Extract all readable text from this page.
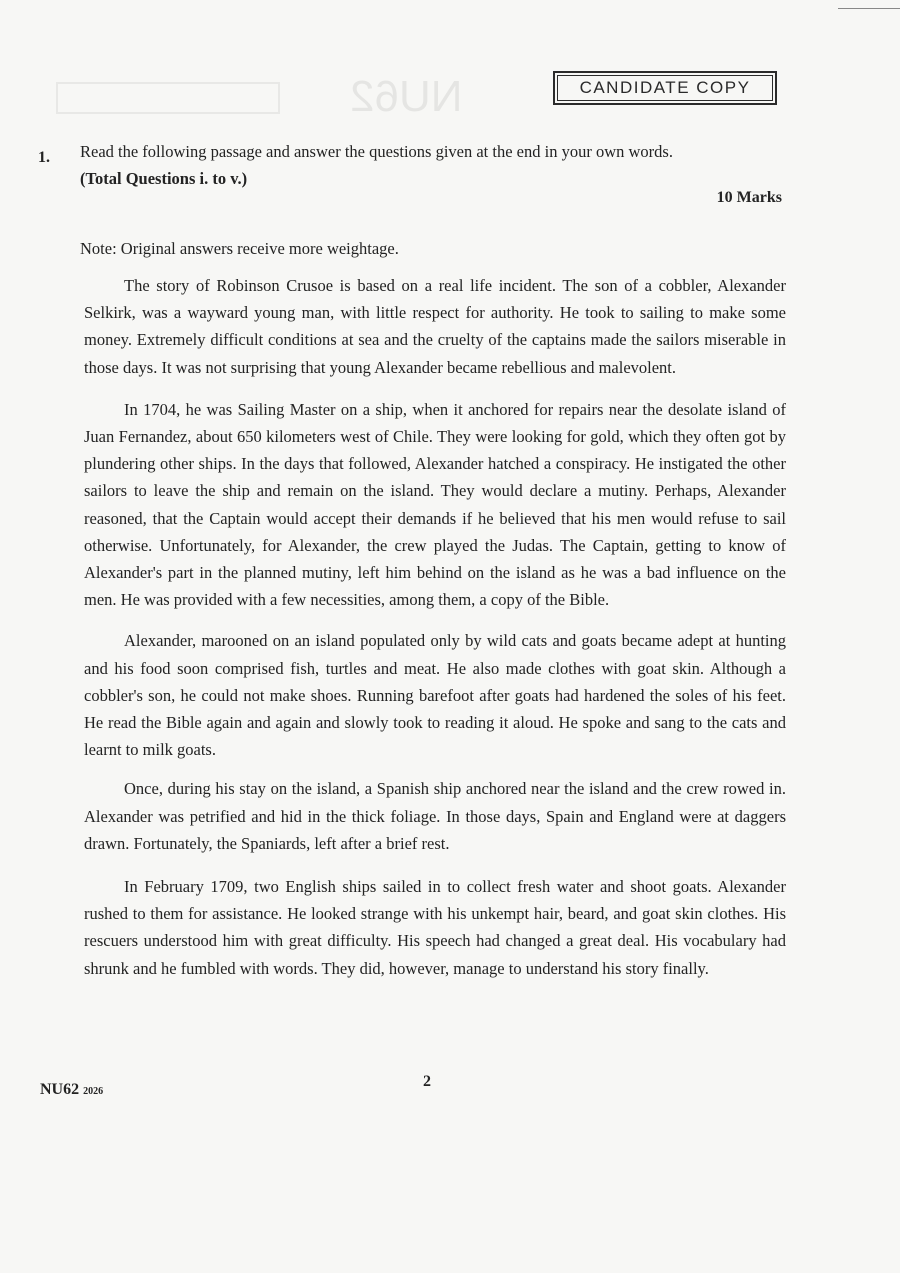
NU62	CANDIDATE COPY
1. Read the following passage and answer the questions given at the end in your own words.
(Total Questions i. to v.)
10 Marks
Note: Original answers receive more weightage.

The story of Robinson Crusoe is based on a real life incident. The son of a cobbler, Alexander Selkirk, was a wayward young man, with little respect for authority. He took to sailing to make some money. Extremely difficult conditions at sea and the cruelty of the captains made the sailors miserable in those days. It was not surprising that young Alexander became rebellious and malevolent.

In 1704, he was Sailing Master on a ship, when it anchored for repairs near the desolate island of Juan Fernandez, about 650 kilometers west of Chile. They were looking for gold, which they often got by plundering other ships. In the days that followed, Alexander hatched a conspiracy. He instigated the other sailors to leave the ship and remain on the island. They would declare a mutiny. Perhaps, Alexander reasoned, that the Captain would accept their demands if he believed that his men would refuse to sail otherwise. Unfortunately, for Alexander, the crew played the Judas. The Captain, getting to know of Alexander's part in the planned mutiny, left him behind on the island as he was a bad influence on the men. He was provided with a few necessities, among them, a copy of the Bible.

Alexander, marooned on an island populated only by wild cats and goats became adept at hunting and his food soon comprised fish, turtles and meat. He also made clothes with goat skin. Although a cobbler's son, he could not make shoes. Running barefoot after goats had hardened the soles of his feet. He read the Bible again and again and slowly took to reading it aloud. He spoke and sang to the cats and learnt to milk goats.

Once, during his stay on the island, a Spanish ship anchored near the island and the crew rowed in. Alexander was petrified and hid in the thick foliage. In those days, Spain and England were at daggers drawn. Fortunately, the Spaniards, left after a brief rest.

In February 1709, two English ships sailed in to collect fresh water and shoot goats. Alexander rushed to them for assistance. He looked strange with his unkempt hair, beard, and goat skin clothes. His rescuers understood him with great difficulty. His speech had changed a great deal. His vocabulary had shrunk and he fumbled with words. They did, however, manage to understand his story finally.

NU62 2026
2
